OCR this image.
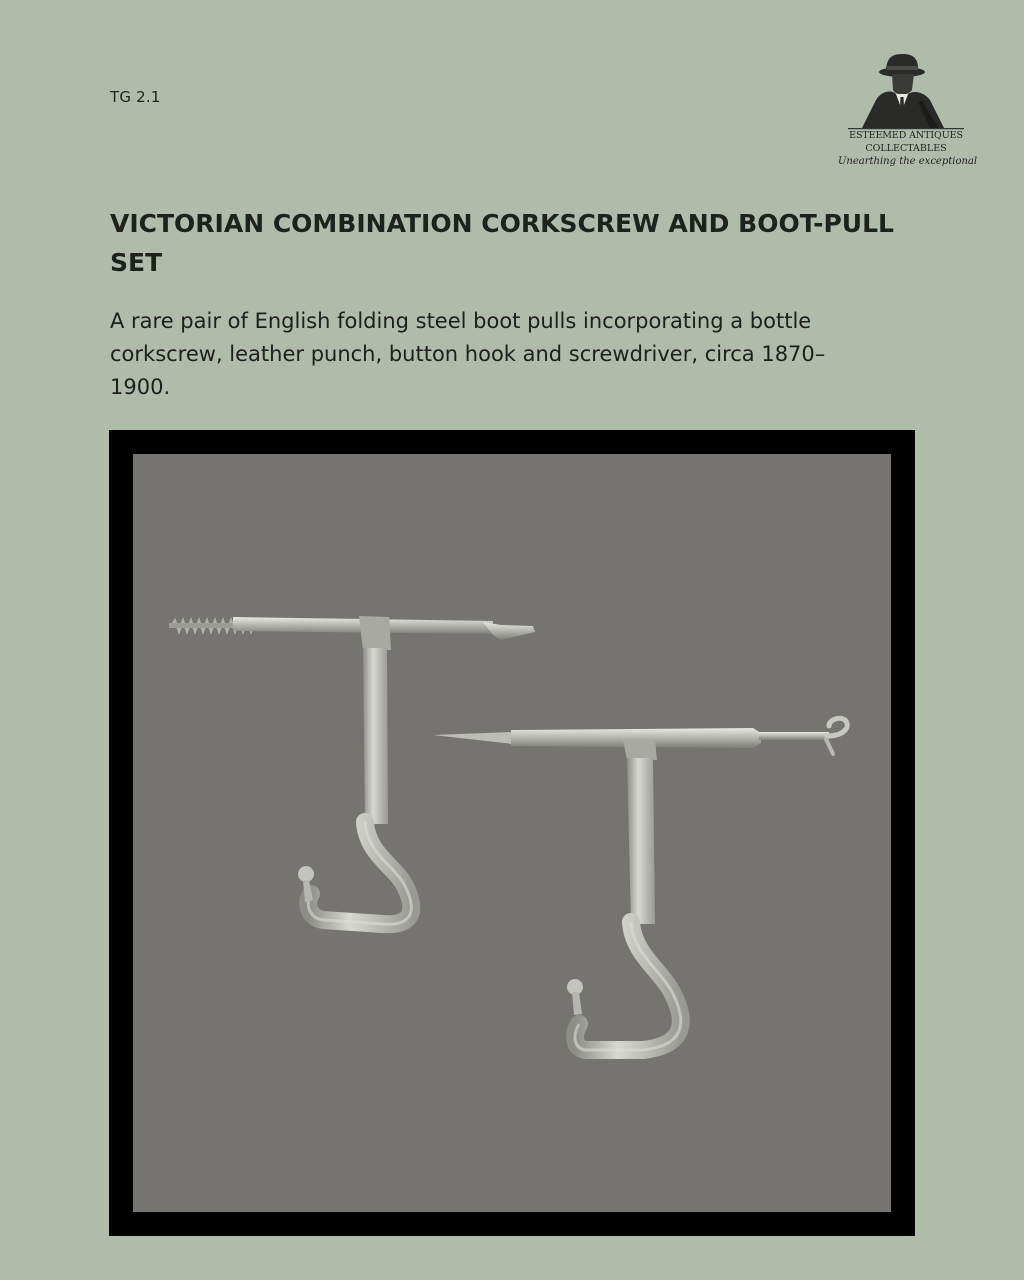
TG 2.1
ESTEEMED ANTIQUES
COLLECTABLES
Unearthing the exceptional
VICTORIAN COMBINATION CORKSCREW AND BOOT-PULL SET

A rare pair of English folding steel boot pulls incorporating a bottle corkscrew, leather punch, button hook and screwdriver, circa 1870–1900.
